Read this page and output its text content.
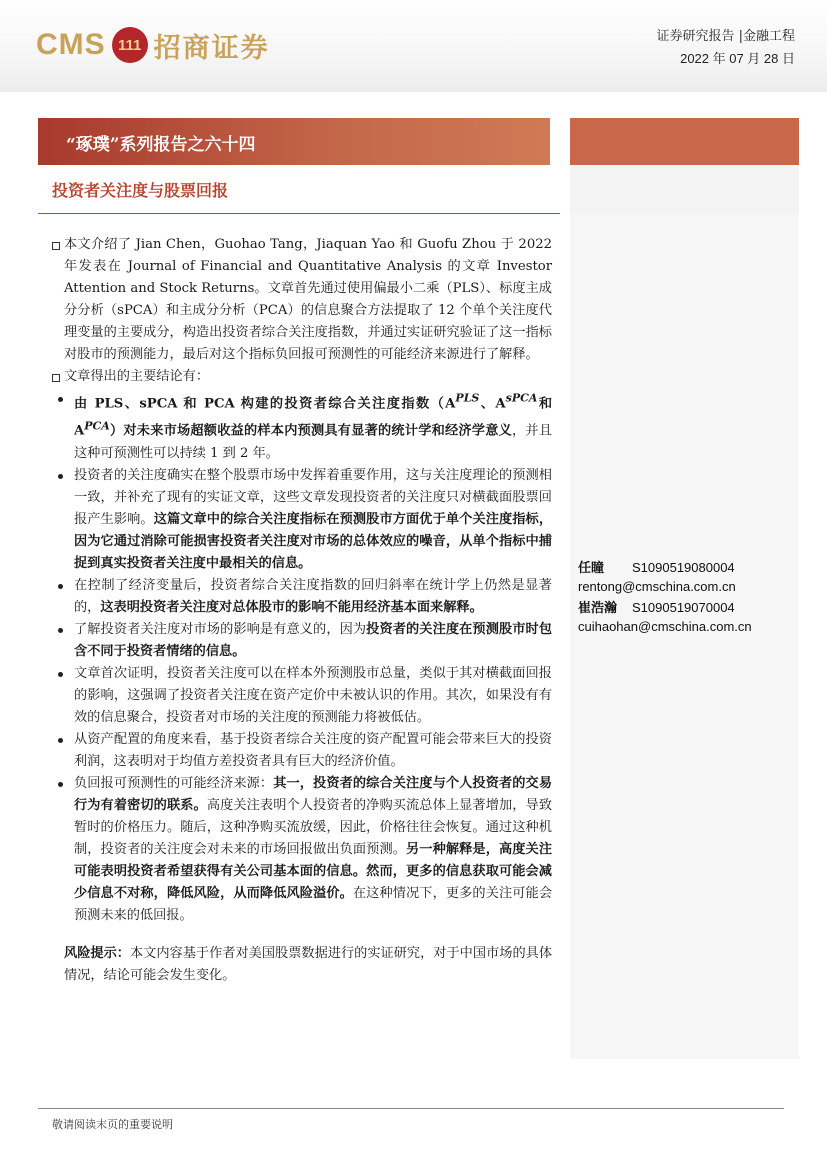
CMS 111 招商证券	证券研究报告 |金融工程
2022 年 07 月 28 日
“琢璞”系列报告之六十四
投资者关注度与股票回报

本文介绍了 Jian Chen，Guohao Tang，Jiaquan Yao 和 Guofu Zhou 于 2022 年发表在 Journal of Financial and Quantitative Analysis 的文章 Investor Attention and Stock Returns。文章首先通过使用偏最小二乘（PLS）、标度主成分分析（sPCA）和主成分分析（PCA）的信息聚合方法提取了 12 个单个关注度代理变量的主要成分，构造出投资者综合关注度指数，并通过实证研究验证了这一指标对股市的预测能力，最后对这个指标负回报可预测性的可能经济来源进行了解释。

文章得出的主要结论有：

由 PLS、sPCA 和 PCA 构建的投资者综合关注度指数（$A^{PLS}$、$A^{sPCA}$和$A^{PCA}$）对未来市场超额收益的样本内预测具有显著的统计学和经济学意义，并且这种可预测性可以持续 1 到 2 年。

投资者的关注度确实在整个股票市场中发挥着重要作用，这与关注度理论的预测相一致，并补充了现有的实证文章，这些文章发现投资者的关注度只对横截面股票回报产生影响。这篇文章中的综合关注度指标在预测股市方面优于单个关注度指标，因为它通过消除可能损害投资者关注度对市场的总体效应的噪音，从单个指标中捕捉到真实投资者关注度中最相关的信息。

在控制了经济变量后，投资者综合关注度指数的回归斜率在统计学上仍然是显著的，这表明投资者关注度对总体股市的影响不能用经济基本面来解释。

了解投资者关注度对市场的影响是有意义的，因为投资者的关注度在预测股市时包含不同于投资者情绪的信息。

文章首次证明，投资者关注度可以在样本外预测股市总量，类似于其对横截面回报的影响，这强调了投资者关注度在资产定价中未被认识的作用。其次，如果没有有效的信息聚合，投资者对市场的关注度的预测能力将被低估。

从资产配置的角度来看，基于投资者综合关注度的资产配置可能会带来巨大的投资利润，这表明对于均值方差投资者具有巨大的经济价值。

负回报可预测性的可能经济来源：其一，投资者的综合关注度与个人投资者的交易行为有着密切的联系。高度关注表明个人投资者的净购买流总体上显著增加，导致暂时的价格压力。随后，这种净购买流放缓，因此，价格往往会恢复。通过这种机制，投资者的关注度会对未来的市场回报做出负面预测。另一种解释是，高度关注可能表明投资者希望获得有关公司基本面的信息。然而，更多的信息获取可能会减少信息不对称，降低风险，从而降低风险溢价。在这种情况下，更多的关注可能会预测未来的低回报。

风险提示：本文内容基于作者对美国股票数据进行的实证研究，对于中国市场的具体情况，结论可能会发生变化。

任瞳 S1090519080004
rentong@cmschina.com.cn
崔浩瀚 S1090519070004
cuihaohan@cmschina.com.cn
敬请阅读末页的重要说明
